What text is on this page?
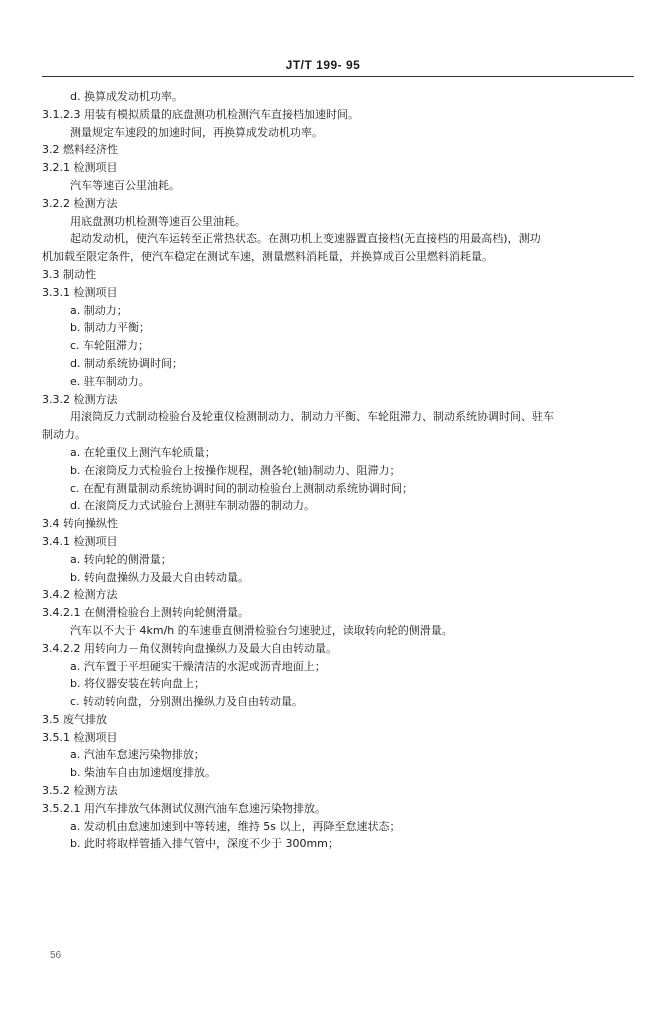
JT/T 199- 95
d. 换算成发动机功率。
3.1.2.3 用装有模拟质量的底盘测功机检测汽车直接档加速时间。
测量规定车速段的加速时间，再换算成发动机功率。
3.2 燃料经济性
3.2.1 检测项目
汽车等速百公里油耗。
3.2.2 检测方法
用底盘测功机检测等速百公里油耗。
起动发动机，使汽车运转至正常热状态。在测功机上变速器置直接档(无直接档的用最高档)，测功
机加载至限定条件，使汽车稳定在测试车速，测量燃料消耗量，并换算成百公里燃料消耗量。
3.3 制动性
3.3.1 检测项目
a. 制动力；
b. 制动力平衡；
c. 车轮阻滞力；
d. 制动系统协调时间；
e. 驻车制动力。
3.3.2 检测方法
用滚筒反力式制动检验台及轮重仪检测制动力、制动力平衡、车轮阻滞力、制动系统协调时间、驻车
制动力。
a. 在轮重仪上测汽车轮质量；
b. 在滚筒反力式检验台上按操作规程，测各轮(轴)制动力、阻滞力；
c. 在配有测量制动系统协调时间的制动检验台上测制动系统协调时间；
d. 在滚筒反力式试验台上测驻车制动器的制动力。
3.4 转向操纵性
3.4.1 检测项目
a. 转向轮的侧滑量；
b. 转向盘操纵力及最大自由转动量。
3.4.2 检测方法
3.4.2.1 在侧滑检验台上测转向轮侧滑量。
汽车以不大于 4km/h 的车速垂直侧滑检验台匀速驶过，读取转向轮的侧滑量。
3.4.2.2 用转向力－角仪测转向盘操纵力及最大自由转动量。
a. 汽车置于平坦硬实干燥清洁的水泥或沥青地面上；
b. 将仪器安装在转向盘上；
c. 转动转向盘，分别测出操纵力及自由转动量。
3.5 废气排放
3.5.1 检测项目
a. 汽油车怠速污染物排放；
b. 柴油车自由加速烟度排放。
3.5.2 检测方法
3.5.2.1 用汽车排放气体测试仪测汽油车怠速污染物排放。
a. 发动机由怠速加速到中等转速，维持 5s 以上，再降至怠速状态；
b. 此时将取样管插入排气管中，深度不少于 300mm；
56
